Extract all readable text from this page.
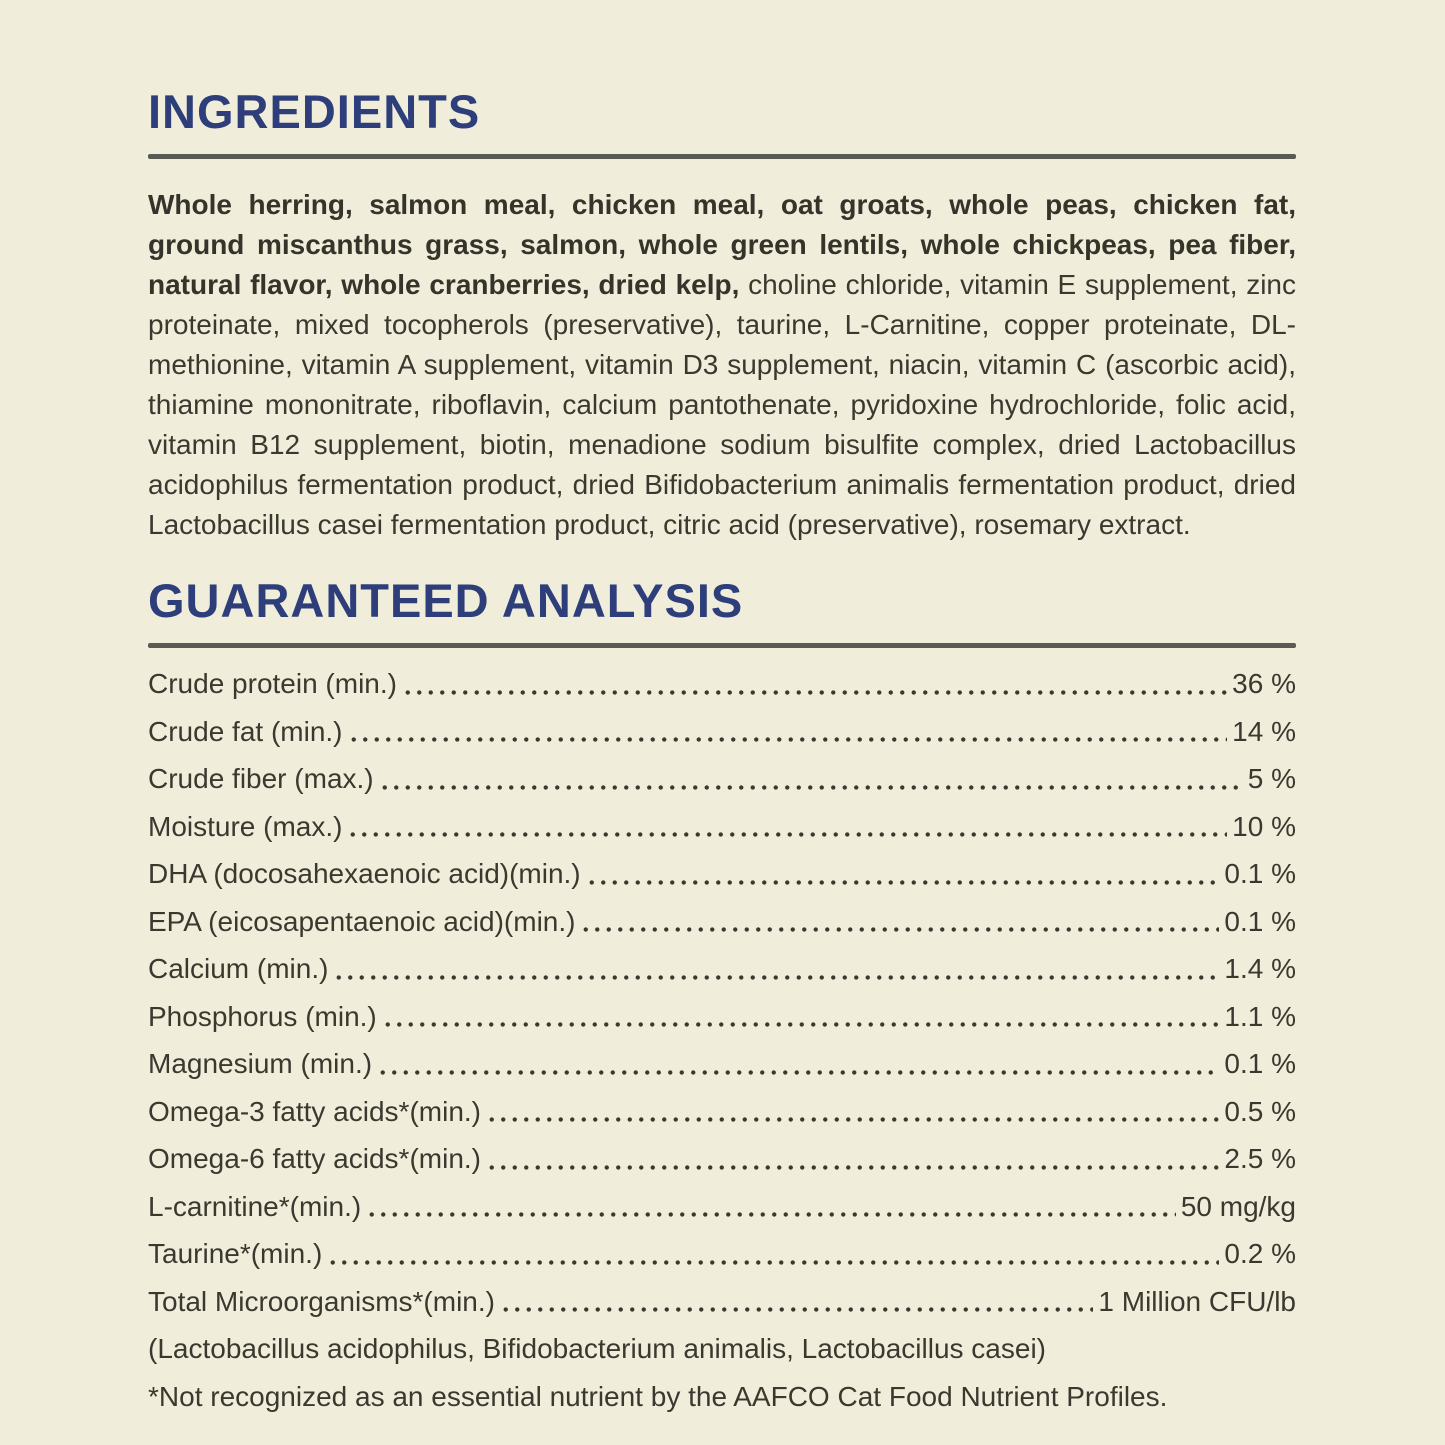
INGREDIENTS

Whole herring, salmon meal, chicken meal, oat groats, whole peas, chicken fat, ground miscanthus grass, salmon, whole green lentils, whole chickpeas, pea fiber, natural flavor, whole cranberries, dried kelp, choline chloride, vitamin E supplement, zinc proteinate, mixed tocopherols (preservative), taurine, L-Carnitine, copper proteinate, DL-methionine, vitamin A supplement, vitamin D3 supplement, niacin, vitamin C (ascorbic acid), thiamine mononitrate, riboflavin, calcium pantothenate, pyridoxine hydrochloride, folic acid, vitamin B12 supplement, biotin, menadione sodium bisulfite complex, dried Lactobacillus acidophilus fermentation product, dried Bifidobacterium animalis fermentation product, dried Lactobacillus casei fermentation product, citric acid (preservative), rosemary extract.

GUARANTEED ANALYSIS
Crude protein (min.)	36 %
Crude fat (min.)	14 %
Crude fiber (max.)	5 %
Moisture (max.)	10 %
DHA (docosahexaenoic acid)(min.)	0.1 %
EPA (eicosapentaenoic acid)(min.)	0.1 %
Calcium (min.)	1.4 %
Phosphorus (min.)	1.1 %
Magnesium (min.)	0.1 %
Omega-3 fatty acids*(min.)	0.5 %
Omega-6 fatty acids*(min.)	2.5 %
L-carnitine*(min.)	50 mg/kg
Taurine*(min.)	0.2 %
Total Microorganisms*(min.)	1 Million CFU/lb
(Lactobacillus acidophilus, Bifidobacterium animalis, Lactobacillus casei)
*Not recognized as an essential nutrient by the AAFCO Cat Food Nutrient Profiles.
